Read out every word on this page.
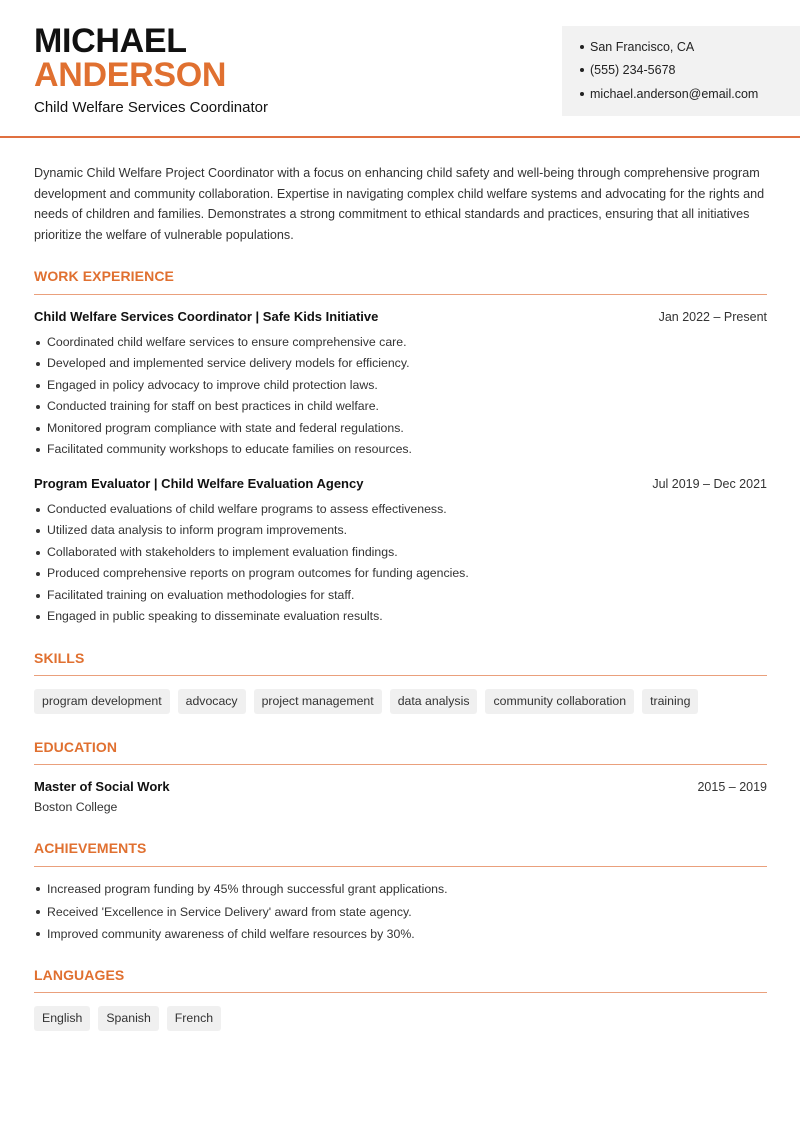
MICHAEL
ANDERSON
Child Welfare Services Coordinator
San Francisco, CA
(555) 234-5678
michael.anderson@email.com
Dynamic Child Welfare Project Coordinator with a focus on enhancing child safety and well-being through comprehensive program development and community collaboration. Expertise in navigating complex child welfare systems and advocating for the rights and needs of children and families. Demonstrates a strong commitment to ethical standards and practices, ensuring that all initiatives prioritize the welfare of vulnerable populations.
WORK EXPERIENCE
Child Welfare Services Coordinator | Safe Kids Initiative	Jan 2022 – Present
Coordinated child welfare services to ensure comprehensive care.
Developed and implemented service delivery models for efficiency.
Engaged in policy advocacy to improve child protection laws.
Conducted training for staff on best practices in child welfare.
Monitored program compliance with state and federal regulations.
Facilitated community workshops to educate families on resources.
Program Evaluator | Child Welfare Evaluation Agency	Jul 2019 – Dec 2021
Conducted evaluations of child welfare programs to assess effectiveness.
Utilized data analysis to inform program improvements.
Collaborated with stakeholders to implement evaluation findings.
Produced comprehensive reports on program outcomes for funding agencies.
Facilitated training on evaluation methodologies for staff.
Engaged in public speaking to disseminate evaluation results.
SKILLS
program development	advocacy	project management	data analysis	community collaboration	training
EDUCATION
Master of Social Work	2015 – 2019
Boston College
ACHIEVEMENTS
Increased program funding by 45% through successful grant applications.
Received 'Excellence in Service Delivery' award from state agency.
Improved community awareness of child welfare resources by 30%.
LANGUAGES
English	Spanish	French
